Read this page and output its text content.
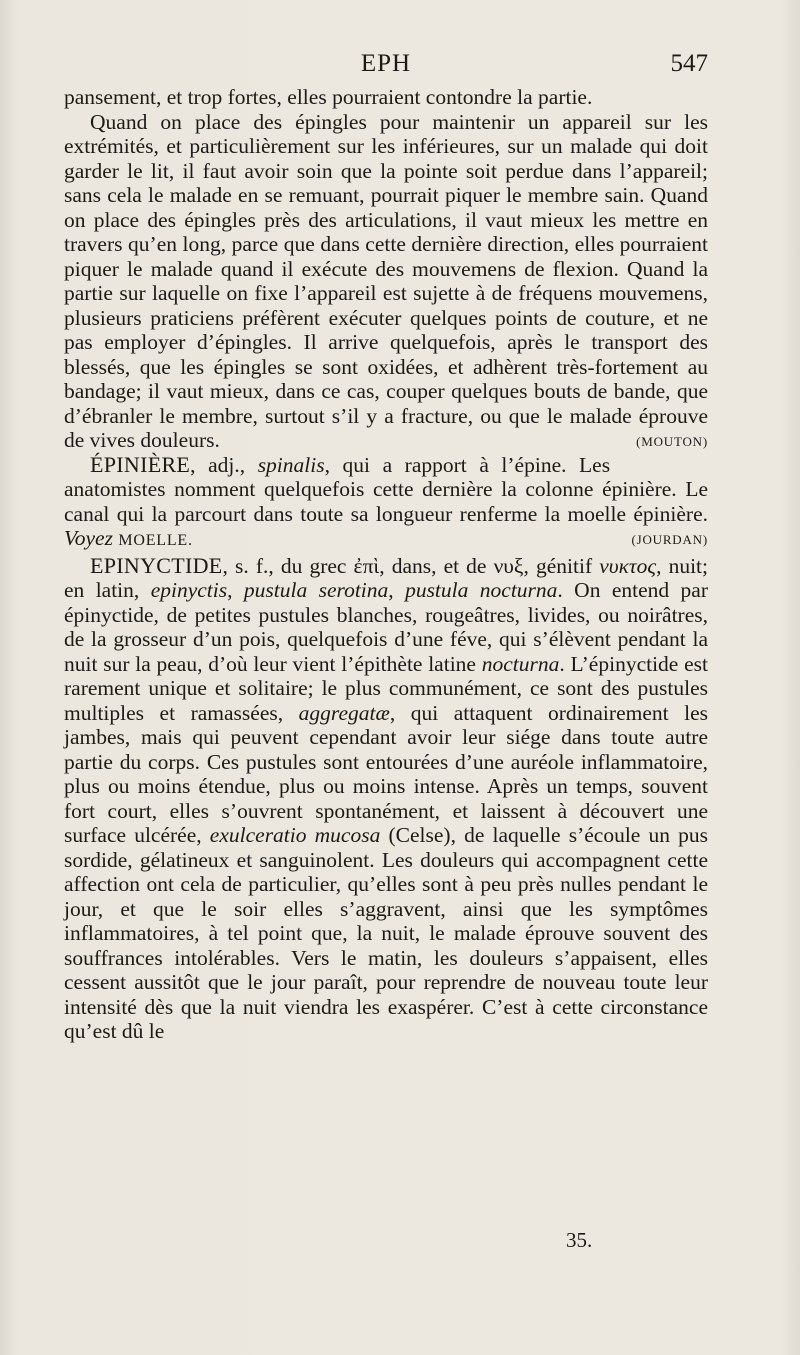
EPH	547

pansement, et trop fortes, elles pourraient contondre la partie.

Quand on place des épingles pour maintenir un appareil sur les extrémités, et particulièrement sur les inférieures, sur un malade qui doit garder le lit, il faut avoir soin que la pointe soit perdue dans l’appareil; sans cela le malade en se remuant, pourrait piquer le membre sain. Quand on place des épingles près des articulations, il vaut mieux les mettre en travers qu’en long, parce que dans cette dernière direction, elles pourraient piquer le malade quand il exécute des mouvemens de flexion. Quand la partie sur laquelle on fixe l’appareil est sujette à de fréquens mouvemens, plusieurs praticiens préfèrent exécuter quelques points de couture, et ne pas employer d’épingles. Il arrive quelquefois, après le transport des blessés, que les épingles se sont oxidées, et adhèrent très-fortement au bandage; il vaut mieux, dans ce cas, couper quelques bouts de bande, que d’ébranler le membre, surtout s’il y a fracture, ou que le malade éprouve de vives douleurs.	(MOUTON)

ÉPINIÈRE, adj., spinalis, qui a rapport à l’épine. Les anatomistes nomment quelquefois cette dernière la colonne épinière. Le canal qui la parcourt dans toute sa longueur renferme la moelle épinière. Voyez MOELLE.	(JOURDAN)

EPINYCTIDE, s. f., du grec ἐπὶ, dans, et de νυξ, génitif νυκτος, nuit; en latin, epinyctis, pustula serotina, pustula nocturna. On entend par épinyctide, de petites pustules blanches, rougeâtres, livides, ou noirâtres, de la grosseur d’un pois, quelquefois d’une féve, qui s’élèvent pendant la nuit sur la peau, d’où leur vient l’épithète latine nocturna. L’épinyctide est rarement unique et solitaire; le plus communément, ce sont des pustules multiples et ramassées, aggregatæ, qui attaquent ordinairement les jambes, mais qui peuvent cependant avoir leur siége dans toute autre partie du corps. Ces pustules sont entourées d’une auréole inflammatoire, plus ou moins étendue, plus ou moins intense. Après un temps, souvent fort court, elles s’ouvrent spontanément, et laissent à découvert une surface ulcérée, exulceratio mucosa (Celse), de laquelle s’écoule un pus sordide, gélatineux et sanguinolent. Les douleurs qui accompagnent cette affection ont cela de particulier, qu’elles sont à peu près nulles pendant le jour, et que le soir elles s’aggravent, ainsi que les symptômes inflammatoires, à tel point que, la nuit, le malade éprouve souvent des souffrances intolérables. Vers le matin, les douleurs s’appaisent, elles cessent aussitôt que le jour paraît, pour reprendre de nouveau toute leur intensité dès que la nuit viendra les exaspérer. C’est à cette circonstance qu’est dû le

35.
